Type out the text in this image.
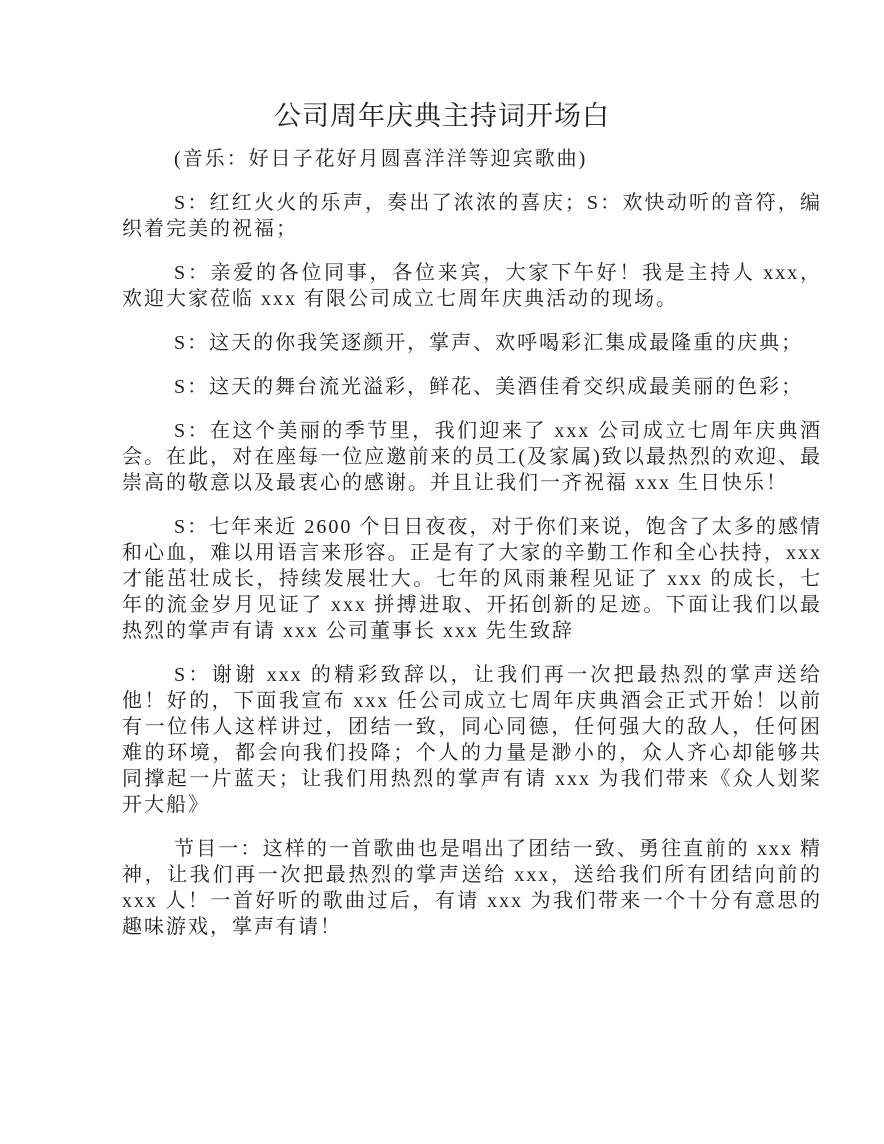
公司周年庆典主持词开场白

(音乐：好日子花好月圆喜洋洋等迎宾歌曲)

S：红红火火的乐声，奏出了浓浓的喜庆；S：欢快动听的音符，编织着完美的祝福；

S：亲爱的各位同事，各位来宾，大家下午好！我是主持人 xxx，欢迎大家莅临 xxx 有限公司成立七周年庆典活动的现场。

S：这天的你我笑逐颜开，掌声、欢呼喝彩汇集成最隆重的庆典；

S：这天的舞台流光溢彩，鲜花、美酒佳肴交织成最美丽的色彩；

S：在这个美丽的季节里，我们迎来了 xxx 公司成立七周年庆典酒会。在此，对在座每一位应邀前来的员工(及家属)致以最热烈的欢迎、最崇高的敬意以及最衷心的感谢。并且让我们一齐祝福 xxx 生日快乐！

S：七年来近 2600 个日日夜夜，对于你们来说，饱含了太多的感情和心血，难以用语言来形容。正是有了大家的辛勤工作和全心扶持，xxx 才能茁壮成长，持续发展壮大。七年的风雨兼程见证了 xxx 的成长，七年的流金岁月见证了 xxx 拼搏进取、开拓创新的足迹。下面让我们以最热烈的掌声有请 xxx 公司董事长 xxx 先生致辞

S：谢谢 xxx 的精彩致辞以，让我们再一次把最热烈的掌声送给他！好的，下面我宣布 xxx 任公司成立七周年庆典酒会正式开始！以前有一位伟人这样讲过，团结一致，同心同德，任何强大的敌人，任何困难的环境，都会向我们投降；个人的力量是渺小的，众人齐心却能够共同撑起一片蓝天；让我们用热烈的掌声有请 xxx 为我们带来《众人划桨开大船》

节目一：这样的一首歌曲也是唱出了团结一致、勇往直前的 xxx 精神，让我们再一次把最热烈的掌声送给 xxx，送给我们所有团结向前的 xxx 人！一首好听的歌曲过后，有请 xxx 为我们带来一个十分有意思的趣味游戏，掌声有请！
